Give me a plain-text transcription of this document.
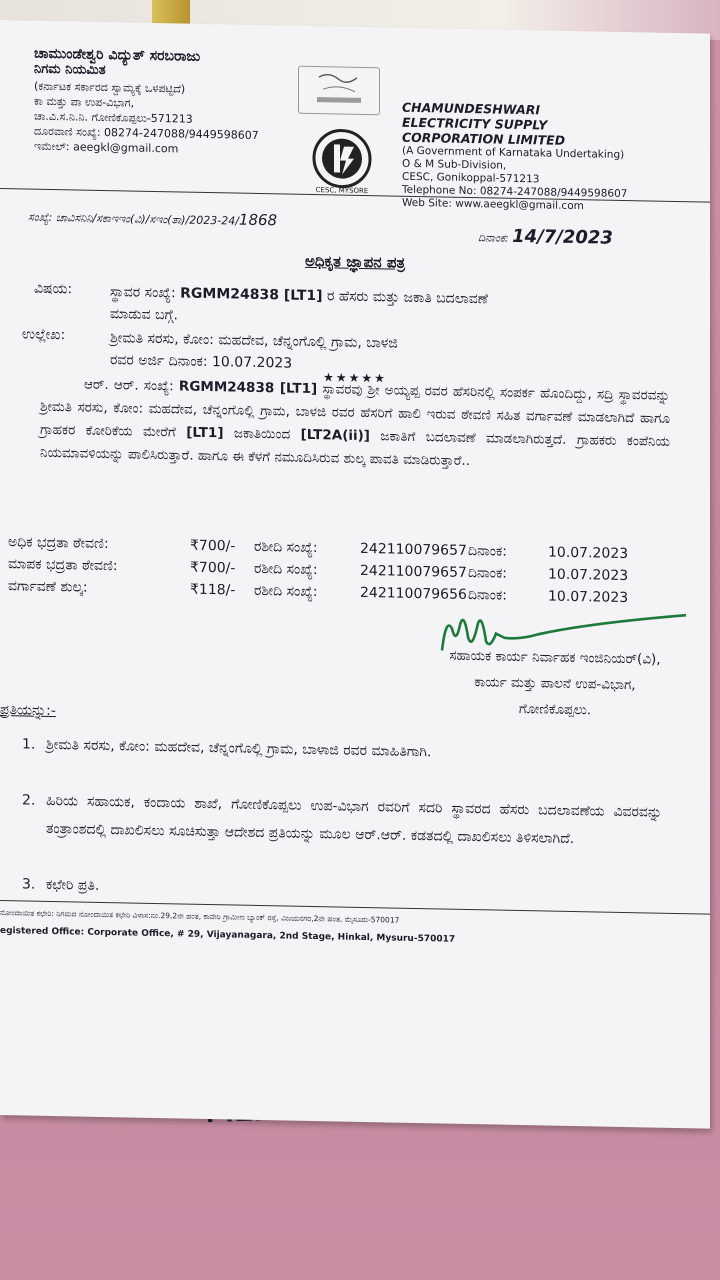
ಚಾಮುಂಡೇಶ್ವರಿ ವಿದ್ಯುತ್ ಸರಬರಾಜು
ನಿಗಮ ನಿಯಮಿತ
(ಕರ್ನಾಟಕ ಸರ್ಕಾರದ ಸ್ವಾಮ್ಯಕ್ಕೆ ಒಳಪಟ್ಟಿದೆ)
ಕಾ ಮತ್ತು ಪಾ ಉಪ-ವಿಭಾಗ,
ಚಾ.ವಿ.ಸ.ನಿ.ನಿ. ಗೋಣಿಕೊಪ್ಪಲು-571213
ದೂರವಾಣಿ ಸಂಖ್ಯೆ: 08274-247088/9449598607
ಇಮೇಲ್: aeegkl@gmail.com
CESC, MYSORE
CHAMUNDESHWARI
ELECTRICITY SUPPLY
CORPORATION LIMITED
(A Government of Karnataka Undertaking)
O & M Sub-Division,
CESC, Gonikoppal-571213
Telephone No: 08274-247088/9449598607
Web Site: www.aeegkl@gmail.com
ಸಂಖ್ಯೆ: ಚಾವಿಸನಿನಿ/ಸಕಾಇಇಂ(ವಿ)/ಸಇಂ(ತಾ)/2023-24/1868
ದಿನಾಂಕ: 14/7/2023
ಅಧಿಕೃತ ಜ್ಞಾಪನ ಪತ್ರ
ವಿಷಯ:	ಸ್ಥಾವರ ಸಂಖ್ಯೆ: RGMM24838 [LT1] ರ ಹೆಸರು ಮತ್ತು ಜಕಾತಿ ಬದಲಾವಣೆ
ಮಾಡುವ ಬಗ್ಗೆ.
ಉಲ್ಲೇಖ:	ಶ್ರೀಮತಿ ಸರಸು, ಕೋಂ: ಮಹದೇವ, ಚೆನ್ನಂಗೊಲ್ಲಿ ಗ್ರಾಮ, ಬಾಳಜಿ
ರವರ ಅರ್ಜಿ ದಿನಾಂಕ: 10.07.2023
★★★★★
ಆರ್. ಆರ್. ಸಂಖ್ಯೆ: RGMM24838 [LT1] ಸ್ಥಾವರವು ಶ್ರೀ ಅಯ್ಯಪ್ಪ ರವರ ಹೆಸರಿನಲ್ಲಿ ಸಂಪರ್ಕ ಹೊಂದಿದ್ದು, ಸದ್ರಿ ಸ್ಥಾವರವನ್ನು ಶ್ರೀಮತಿ ಸರಸು, ಕೋಂ: ಮಹದೇವ, ಚೆನ್ನಂಗೊಲ್ಲಿ ಗ್ರಾಮ, ಬಾಳಜಿ ರವರ ಹೆಸರಿಗೆ ಹಾಲಿ ಇರುವ ಠೇವಣಿ ಸಹಿತ ವರ್ಗಾವಣೆ ಮಾಡಲಾಗಿದೆ ಹಾಗೂ ಗ್ರಾಹಕರ ಕೋರಿಕೆಯ ಮೇರೆಗೆ [LT1] ಜಕಾತಿಯಿಂದ [LT2A(ii)] ಜಕಾತಿಗೆ ಬದಲಾವಣೆ ಮಾಡಲಾಗಿರುತ್ತದೆ. ಗ್ರಾಹಕರು ಕಂಪೆನಿಯ ನಿಯಮಾವಳಿಯನ್ನು ಪಾಲಿಸಿರುತ್ತಾರೆ. ಹಾಗೂ ಈ ಕೆಳಗೆ ನಮೂದಿಸಿರುವ ಶುಲ್ಕ ಪಾವತಿ ಮಾಡಿರುತ್ತಾರೆ..
ಅಧಿಕ ಭದ್ರತಾ ಠೇವಣಿ:	₹700/- ರಶೀದಿ ಸಂಖ್ಯೆ:	242110079657 ದಿನಾಂಕ:	10.07.2023
ಮಾಪಕ ಭದ್ರತಾ ಠೇವಣಿ:	₹700/- ರಶೀದಿ ಸಂಖ್ಯೆ:	242110079657 ದಿನಾಂಕ:	10.07.2023
ವರ್ಗಾವಣೆ ಶುಲ್ಕ:	₹118/- ರಶೀದಿ ಸಂಖ್ಯೆ:	242110079656 ದಿನಾಂಕ:	10.07.2023
ಸಹಾಯಕ ಕಾರ್ಯ ನಿರ್ವಾಹಕ ಇಂಜಿನಿಯರ್(ವಿ),
ಕಾರ್ಯ ಮತ್ತು ಪಾಲನೆ ಉಪ-ವಿಭಾಗ,
ಗೋಣಿಕೊಪ್ಪಲು.
ಪ್ರತಿಯನ್ನು:-
1. ಶ್ರೀಮತಿ ಸರಸು, ಕೋಂ: ಮಹದೇವ, ಚೆನ್ನಂಗೊಲ್ಲಿ ಗ್ರಾಮ, ಬಾಳಾಜಿ ರವರ ಮಾಹಿತಿಗಾಗಿ.
2. ಹಿರಿಯ ಸಹಾಯಕ, ಕಂದಾಯ ಶಾಖೆ, ಗೋಣಿಕೊಪ್ಪಲು ಉಪ-ವಿಭಾಗ ರವರಿಗೆ ಸದರಿ ಸ್ಥಾವರದ ಹೆಸರು ಬದಲಾವಣೆಯ ವಿವರವನ್ನು ತಂತ್ರಾಂಶದಲ್ಲಿ ದಾಖಲಿಸಲು ಸೂಚಿಸುತ್ತಾ ಆದೇಶದ ಪ್ರತಿಯನ್ನು ಮೂಲ ಆರ್.ಆರ್. ಕಡತದಲ್ಲಿ ದಾಖಲಿಸಲು ತಿಳಿಸಲಾಗಿದೆ.
3. ಕಛೇರಿ ಪ್ರತಿ.
ನೋಂದಾಯಿತ ಕಛೇರಿ: ನಿಗಮದ ನೋಂದಾಯಿತ ಕಛೇರಿ ವಿಳಾಸ:ನಂ.29,2ನೇ ಹಂತ, ಕಾವೇರಿ ಗ್ರಾಮೀಣ ಬ್ಯಾಂಕ್ ರಸ್ತೆ, ವಿಜಯನಗರ,2ನೇ ಹಂತ, ಮೈಸೂರು-570017
egistered Office: Corporate Office, # 29, Vijayanagara, 2nd Stage, Hinkal, Mysuru-570017
